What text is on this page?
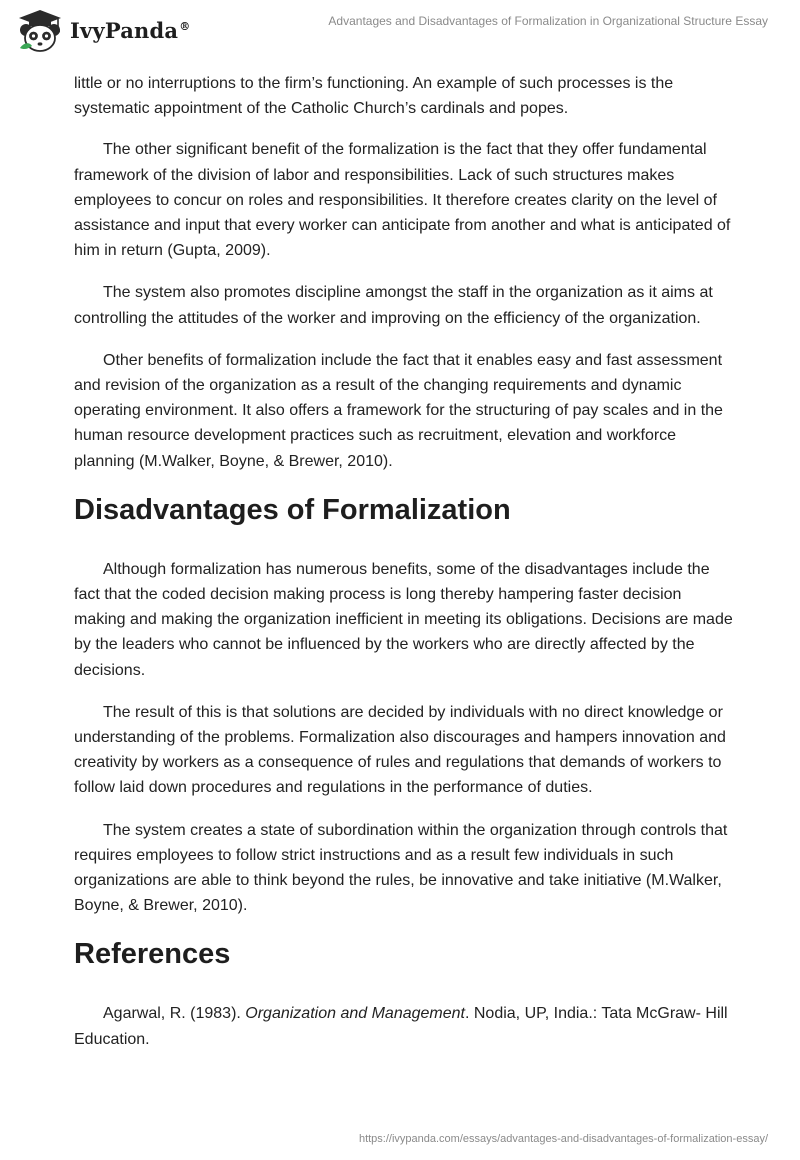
IvyPanda®	Advantages and Disadvantages of Formalization in Organizational Structure Essay

little or no interruptions to the firm’s functioning. An example of such processes is the systematic appointment of the Catholic Church’s cardinals and popes.

The other significant benefit of the formalization is the fact that they offer fundamental framework of the division of labor and responsibilities. Lack of such structures makes employees to concur on roles and responsibilities. It therefore creates clarity on the level of assistance and input that every worker can anticipate from another and what is anticipated of him in return (Gupta, 2009).

The system also promotes discipline amongst the staff in the organization as it aims at controlling the attitudes of the worker and improving on the efficiency of the organization.

Other benefits of formalization include the fact that it enables easy and fast assessment and revision of the organization as a result of the changing requirements and dynamic operating environment. It also offers a framework for the structuring of pay scales and in the human resource development practices such as recruitment, elevation and workforce planning (M.Walker, Boyne, & Brewer, 2010).

Disadvantages of Formalization

Although formalization has numerous benefits, some of the disadvantages include the fact that the coded decision making process is long thereby hampering faster decision making and making the organization inefficient in meeting its obligations. Decisions are made by the leaders who cannot be influenced by the workers who are directly affected by the decisions.

The result of this is that solutions are decided by individuals with no direct knowledge or understanding of the problems. Formalization also discourages and hampers innovation and creativity by workers as a consequence of rules and regulations that demands of workers to follow laid down procedures and regulations in the performance of duties.

The system creates a state of subordination within the organization through controls that requires employees to follow strict instructions and as a result few individuals in such organizations are able to think beyond the rules, be innovative and take initiative (M.Walker, Boyne, & Brewer, 2010).

References

Agarwal, R. (1983). Organization and Management. Nodia, UP, India.: Tata McGraw- Hill Education.

https://ivypanda.com/essays/advantages-and-disadvantages-of-formalization-essay/
